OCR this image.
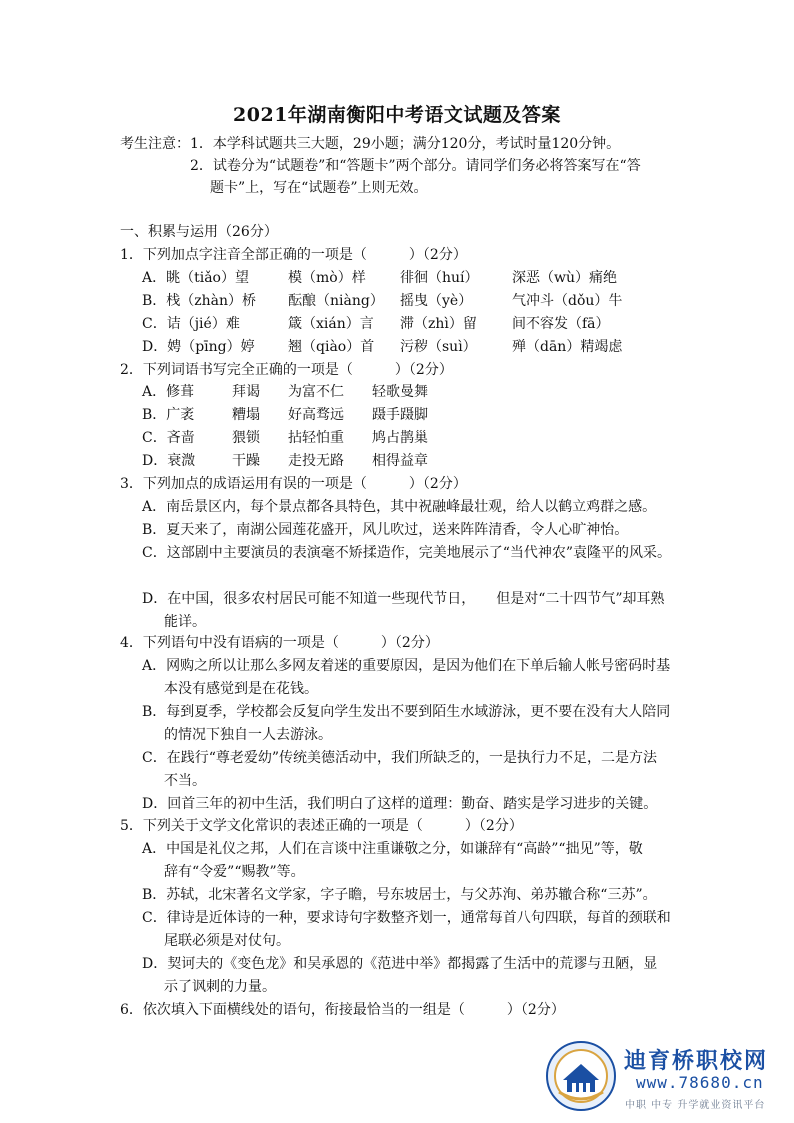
2021年湖南衡阳中考语文试题及答案
考生注意：1．本学科试题共三大题，29小题；满分120分，考试时量120分钟。
2．试卷分为“试题卷”和“答题卡”两个部分。请同学们务必将答案写在“答
题卡”上，写在“试题卷”上则无效。
一、积累与运用（26分）
1．下列加点字注音全部正确的一项是（　　　）（2分）
A．眺（tiǎo）望	模（mò）样 徘徊（huí） 深恶（wù）痛绝
B．栈（zhàn）桥 酝酿（niàng） 摇曳（yè）	气冲斗（dǒu）牛
C．诘（jié）难	箴（xián）言 滞（zhì）留	间不容发（fā）
D．娉（pīng）婷 翘（qiào）首 污秽（suì）	殚（dān）精竭虑
2．下列词语书写完全正确的一项是（　　　）（2分）
A．修葺	拜谒 为富不仁 轻歌曼舞
B．广袤	糟塌 好高骛远 蹑手蹑脚
C．吝啬	猥锁 拈轻怕重 鸠占鹊巢
D．衰溦	干躁 走投无路 相得益章
3．下列加点的成语运用有误的一项是（　　　）（2分）
A．南岳景区内，每个景点都各具特色，其中祝融峰最壮观，给人以鹤立鸡群之感。
B．夏天来了，南湖公园莲花盛开，风儿吹过，送来阵阵清香，令人心旷神怡。
C．这部剧中主要演员的表演毫不矫揉造作，完美地展示了“当代神农”袁隆平的风采。
D．在中国，很多农村居民可能不知道一些现代节日，　　但是对“二十四节气”却耳熟
能详。
4．下列语句中没有语病的一项是（　　　）（2分）
A．网购之所以让那么多网友着迷的重要原因，是因为他们在下单后输人帐号密码时基
本没有感觉到是在花钱。
B．每到夏季，学校都会反复向学生发出不要到陌生水域游泳，更不要在没有大人陪同
的情况下独自一人去游泳。
C．在践行“尊老爱幼”传统美德活动中，我们所缺乏的，一是执行力不足，二是方法
不当。
D．回首三年的初中生活，我们明白了这样的道理：勤奋、踏实是学习进步的关键。
5．下列关于文学文化常识的表述正确的一项是（　　　）（2分）
A．中国是礼仪之邦，人们在言谈中注重谦敬之分，如谦辞有“高龄”“拙见”等，敬
辞有“令爱”“赐教”等。
B．苏轼，北宋著名文学家，字子瞻，号东坡居士，与父苏洵、弟苏辙合称“三苏”。
C．律诗是近体诗的一种，要求诗句字数整齐划一，通常每首八句四联，每首的颈联和
尾联必须是对仗句。
D．契诃夫的《变色龙》和吴承恩的《范进中举》都揭露了生活中的荒谬与丑陋，显
示了讽刺的力量。
6．依次填入下面横线处的语句，衔接最恰当的一组是（　　　）（2分）
迪育桥职校网
www.78680.cn
中职 中专 升学就业资讯平台
